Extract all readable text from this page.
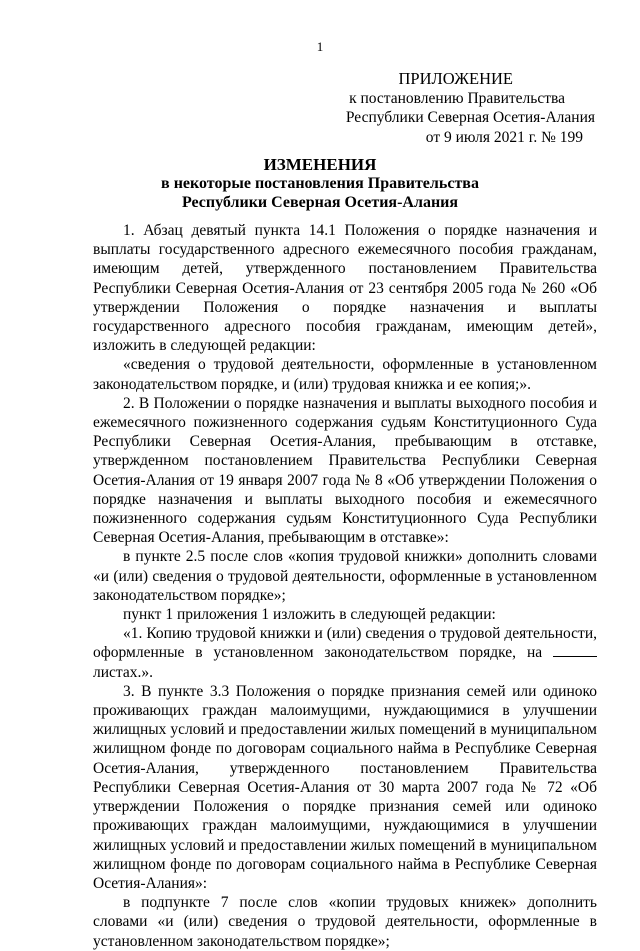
1
ПРИЛОЖЕНИЕ
к постановлению Правительства
Республики Северная Осетия-Алания
от 9 июля 2021 г. № 199
ИЗМЕНЕНИЯ
в некоторые постановления Правительства
Республики Северная Осетия-Алания

1. Абзац девятый пункта 14.1 Положения о порядке назначения и выплаты государственного адресного ежемесячного пособия гражданам, имеющим детей, утвержденного постановлением Правительства Республики Северная Осетия-Алания от 23 сентября 2005 года № 260 «Об утверждении Положения о порядке назначения и выплаты государственного адресного пособия гражданам, имеющим детей», изложить в следующей редакции:

«сведения о трудовой деятельности, оформленные в установленном законодательством порядке, и (или) трудовая книжка и ее копия;».

2. В Положении о порядке назначения и выплаты выходного пособия и ежемесячного пожизненного содержания судьям Конституционного Суда Республики Северная Осетия-Алания, пребывающим в отставке, утвержденном постановлением Правительства Республики Северная Осетия-Алания от 19 января 2007 года № 8 «Об утверждении Положения о порядке назначения и выплаты выходного пособия и ежемесячного пожизненного содержания судьям Конституционного Суда Республики Северная Осетия-Алания, пребывающим в отставке»:

в пункте 2.5 после слов «копия трудовой книжки» дополнить словами «и (или) сведения о трудовой деятельности, оформленные в установленном законодательством порядке»;

пункт 1 приложения 1 изложить в следующей редакции:

«1. Копию трудовой книжки и (или) сведения о трудовой деятельности, оформленные в установленном законодательством порядке, на  листах.».

3. В пункте 3.3 Положения о порядке признания семей или одиноко проживающих граждан малоимущими, нуждающимися в улучшении жилищных условий и предоставлении жилых помещений в муниципальном жилищном фонде по договорам социального найма в Республике Северная Осетия-Алания, утвержденного постановлением Правительства Республики Северная Осетия-Алания от 30 марта 2007 года № 72 «Об утверждении Положения о порядке признания семей или одиноко проживающих граждан малоимущими, нуждающимися в улучшении жилищных условий и предоставлении жилых помещений в муниципальном жилищном фонде по договорам социального найма в Республике Северная Осетия-Алания»:

в подпункте 7 после слов «копии трудовых книжек» дополнить словами «и (или) сведения о трудовой деятельности, оформленные в установленном законодательством порядке»;
